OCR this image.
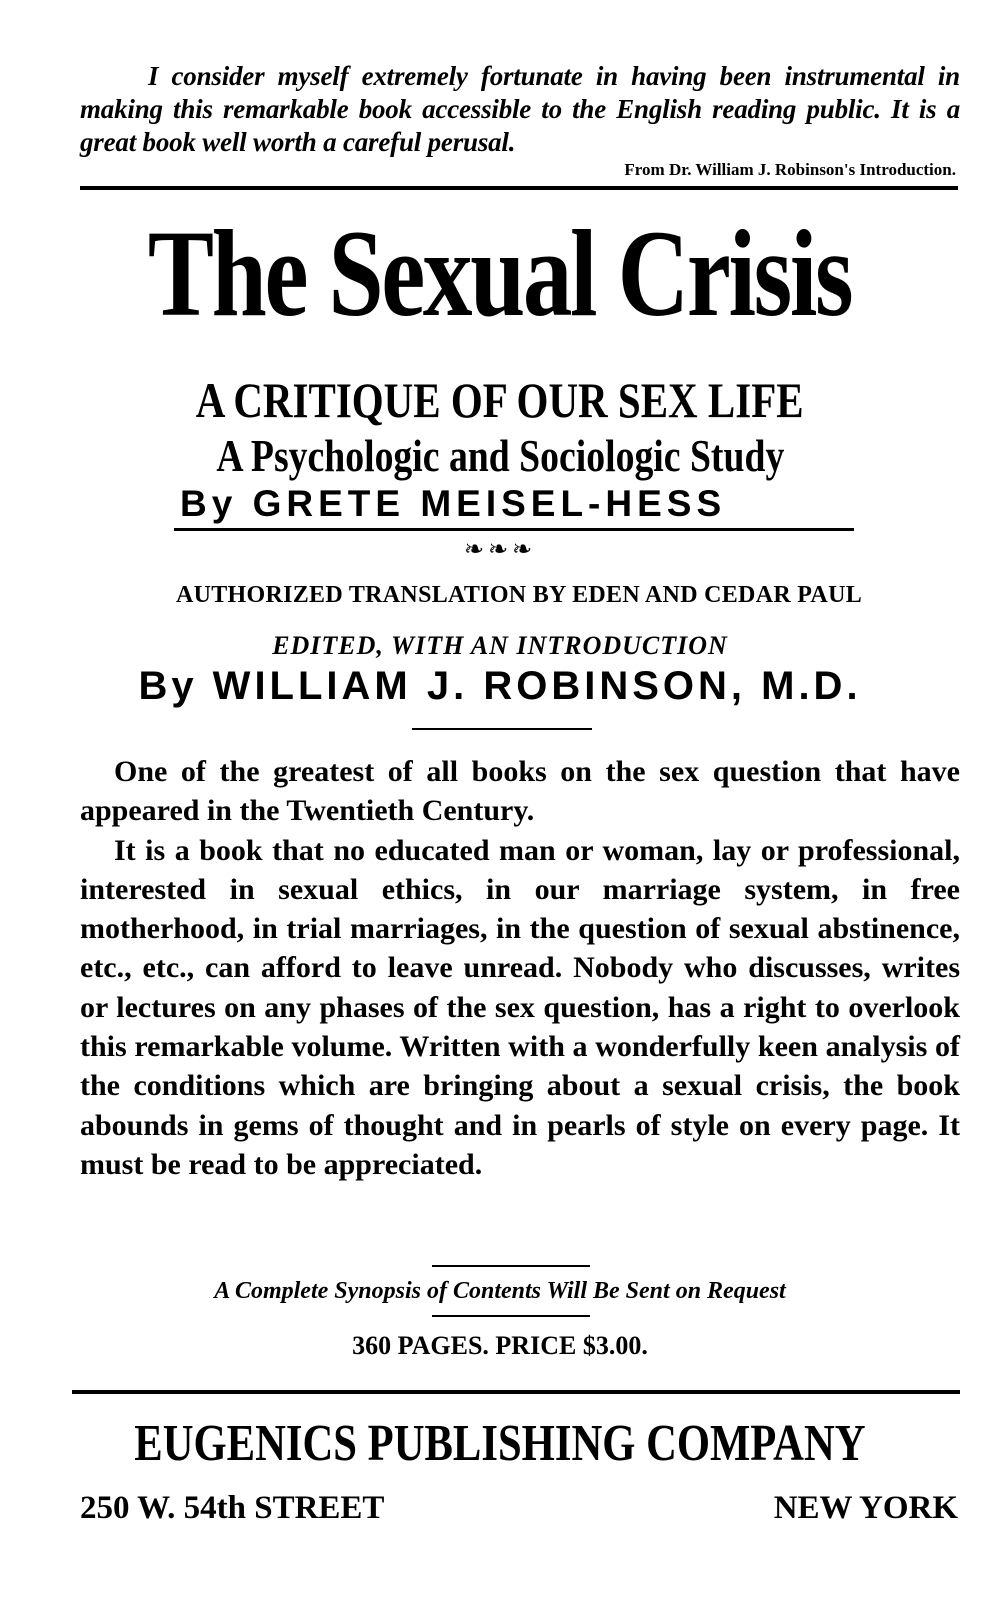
I consider myself extremely fortunate in having been instrumental in making this remarkable book accessible to the English reading public. It is a great book well worth a careful perusal.
From Dr. William J. Robinson's Introduction.
The Sexual Crisis
A CRITIQUE OF OUR SEX LIFE
A Psychologic and Sociologic Study
By GRETE MEISEL-HESS
❧❧❧
AUTHORIZED TRANSLATION BY EDEN AND CEDAR PAUL
EDITED, WITH AN INTRODUCTION
By WILLIAM J. ROBINSON, M.D.

One of the greatest of all books on the sex question that have appeared in the Twentieth Century.

It is a book that no educated man or woman, lay or professional, interested in sexual ethics, in our marriage system, in free motherhood, in trial marriages, in the question of sexual abstinence, etc., etc., can afford to leave unread. Nobody who discusses, writes or lectures on any phases of the sex question, has a right to overlook this remarkable volume. Written with a wonderfully keen analysis of the conditions which are bringing about a sexual crisis, the book abounds in gems of thought and in pearls of style on every page. It must be read to be appreciated.

A Complete Synopsis of Contents Will Be Sent on Request
360 PAGES. PRICE $3.00.
EUGENICS PUBLISHING COMPANY
250 W. 54th STREET	NEW YORK
